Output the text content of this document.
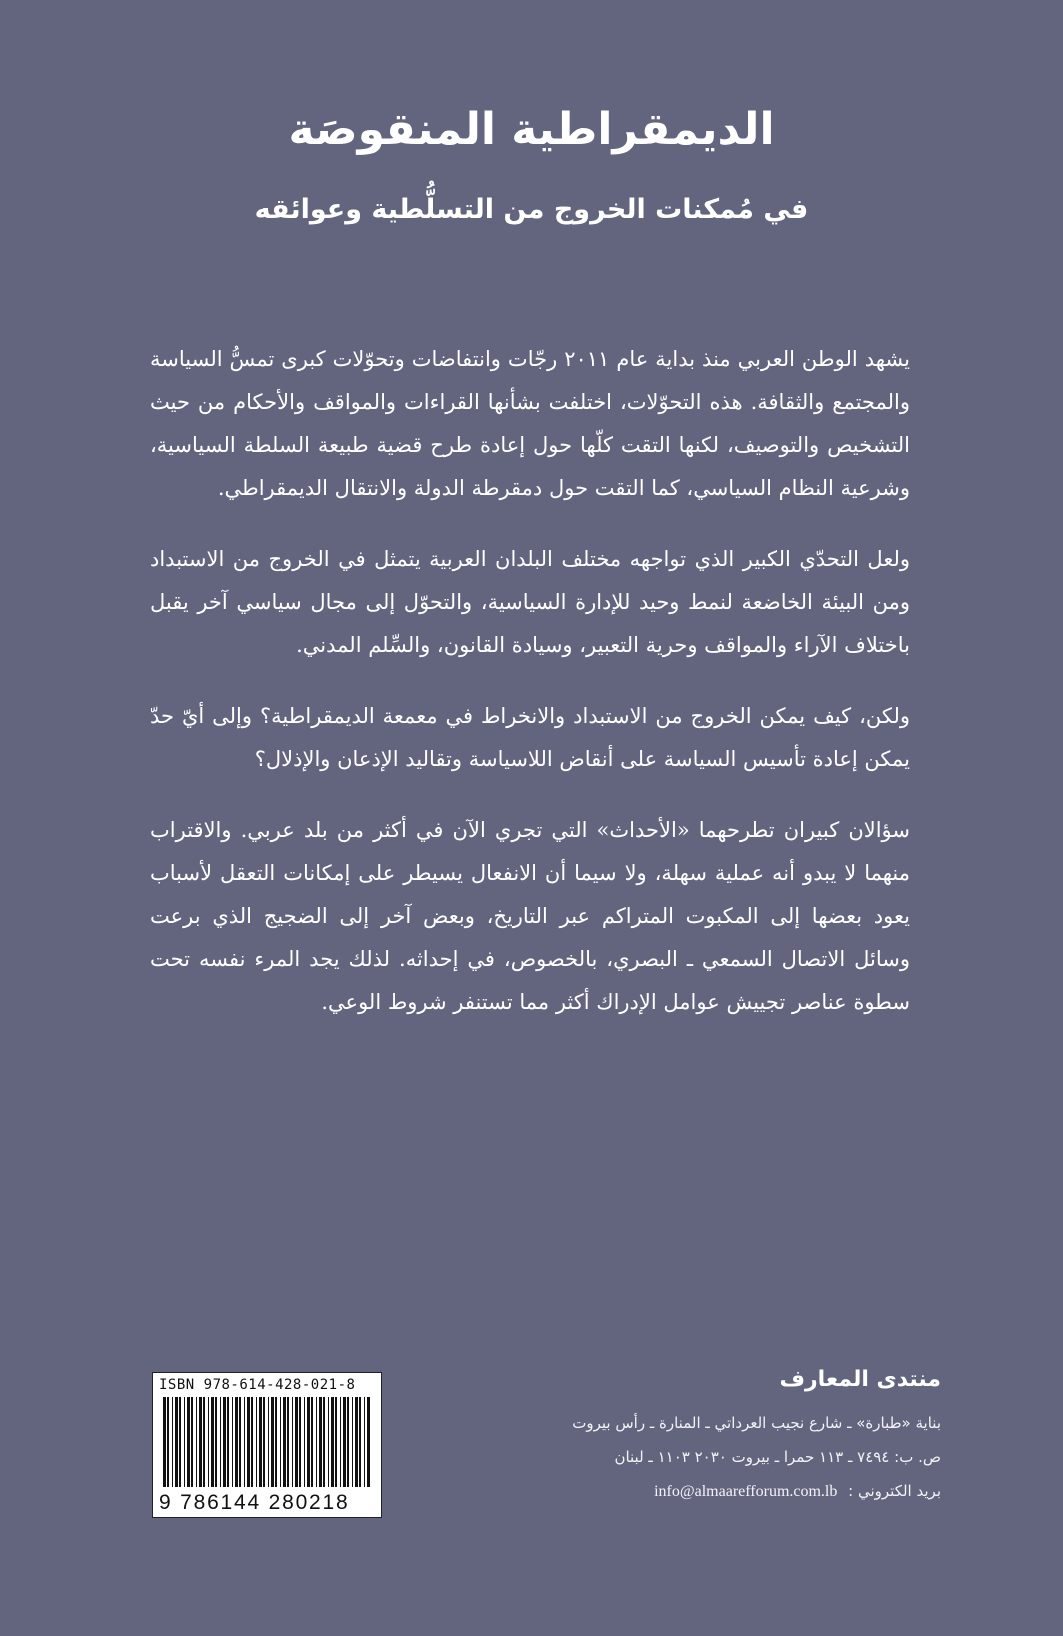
الديمقراطية المنقوصَة
في مُمكنات الخروج من التسلُّطية وعوائقه

يشهد الوطن العربي منذ بداية عام ٢٠١١ رجّات وانتفاضات وتحوّلات كبرى تمسُّ السياسة والمجتمع والثقافة. هذه التحوّلات، اختلفت بشأنها القراءات والمواقف والأحكام من حيث التشخيص والتوصيف، لكنها التقت كلّها حول إعادة طرح قضية طبيعة السلطة السياسية، وشرعية النظام السياسي، كما التقت حول دمقرطة الدولة والانتقال الديمقراطي.

ولعل التحدّي الكبير الذي تواجهه مختلف البلدان العربية يتمثل في الخروج من الاستبداد ومن البيئة الخاضعة لنمط وحيد للإدارة السياسية، والتحوّل إلى مجال سياسي آخر يقبل باختلاف الآراء والمواقف وحرية التعبير، وسيادة القانون، والسِّلم المدني.

ولكن، كيف يمكن الخروج من الاستبداد والانخراط في معمعة الديمقراطية؟ وإلى أيّ حدّ يمكن إعادة تأسيس السياسة على أنقاض اللاسياسة وتقاليد الإذعان والإذلال؟

سؤالان كبيران تطرحهما «الأحداث» التي تجري الآن في أكثر من بلد عربي. والاقتراب منهما لا يبدو أنه عملية سهلة، ولا سيما أن الانفعال يسيطر على إمكانات التعقل لأسباب يعود بعضها إلى المكبوت المتراكم عبر التاريخ، وبعض آخر إلى الضجيج الذي برعت وسائل الاتصال السمعي ـ البصري، بالخصوص، في إحداثه. لذلك يجد المرء نفسه تحت سطوة عناصر تجييش عوامل الإدراك أكثر مما تستنفر شروط الوعي.

منتدى المعارف
بناية «طبارة» ـ شارع نجيب العرداتي ـ المنارة ـ رأس بيروت
ص. ب: ٧٤٩٤ ـ ١١٣ حمرا ـ بيروت ٢٠٣٠ ١١٠٣ ـ لبنان
بريد الكتروني : info@almaarefforum.com.lb
ISBN 978-614-428-021-8
9 786144 280218
